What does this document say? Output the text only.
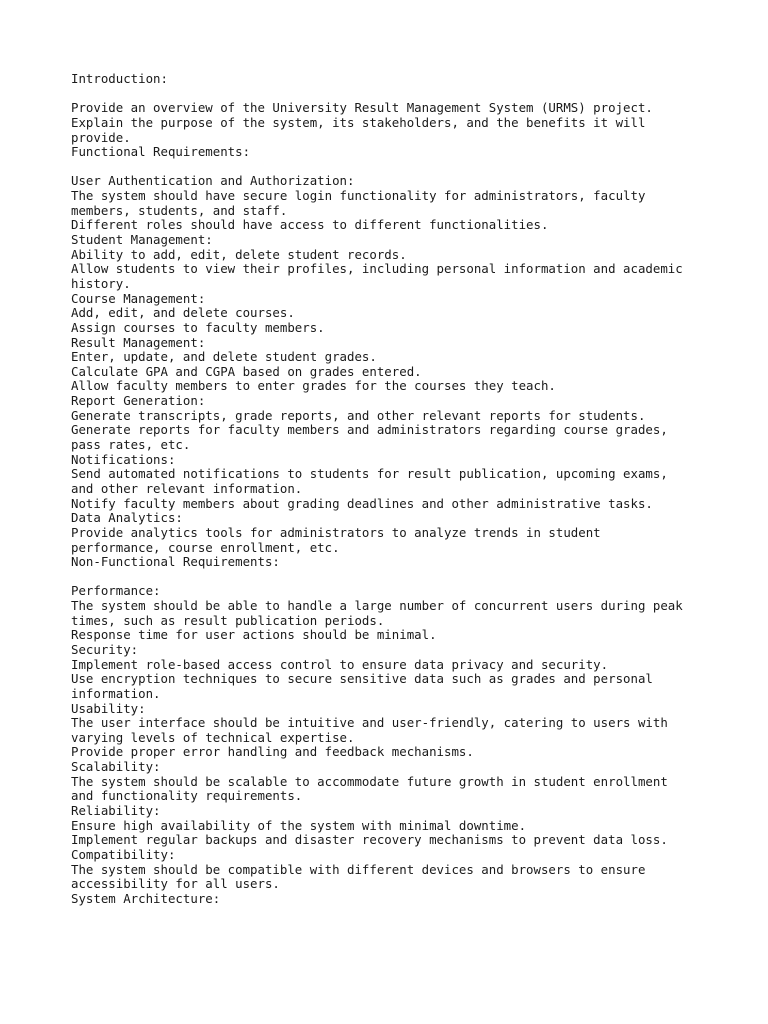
Introduction:

Provide an overview of the University Result Management System (URMS) project.
Explain the purpose of the system, its stakeholders, and the benefits it will
provide.
Functional Requirements:

User Authentication and Authorization:
The system should have secure login functionality for administrators, faculty
members, students, and staff.
Different roles should have access to different functionalities.
Student Management:
Ability to add, edit, delete student records.
Allow students to view their profiles, including personal information and academic
history.
Course Management:
Add, edit, and delete courses.
Assign courses to faculty members.
Result Management:
Enter, update, and delete student grades.
Calculate GPA and CGPA based on grades entered.
Allow faculty members to enter grades for the courses they teach.
Report Generation:
Generate transcripts, grade reports, and other relevant reports for students.
Generate reports for faculty members and administrators regarding course grades,
pass rates, etc.
Notifications:
Send automated notifications to students for result publication, upcoming exams,
and other relevant information.
Notify faculty members about grading deadlines and other administrative tasks.
Data Analytics:
Provide analytics tools for administrators to analyze trends in student
performance, course enrollment, etc.
Non-Functional Requirements:

Performance:
The system should be able to handle a large number of concurrent users during peak
times, such as result publication periods.
Response time for user actions should be minimal.
Security:
Implement role-based access control to ensure data privacy and security.
Use encryption techniques to secure sensitive data such as grades and personal
information.
Usability:
The user interface should be intuitive and user-friendly, catering to users with
varying levels of technical expertise.
Provide proper error handling and feedback mechanisms.
Scalability:
The system should be scalable to accommodate future growth in student enrollment
and functionality requirements.
Reliability:
Ensure high availability of the system with minimal downtime.
Implement regular backups and disaster recovery mechanisms to prevent data loss.
Compatibility:
The system should be compatible with different devices and browsers to ensure
accessibility for all users.
System Architecture:
